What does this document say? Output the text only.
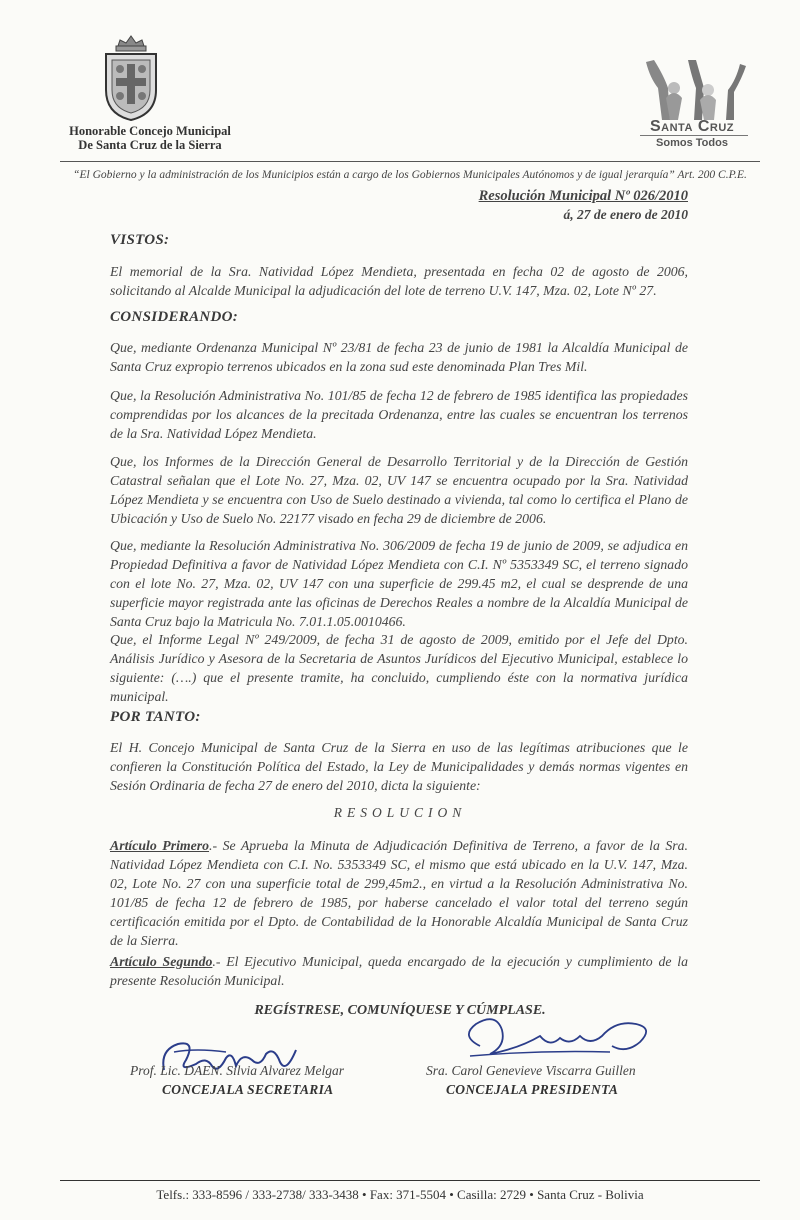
Honorable Concejo Municipal
De Santa Cruz de la Sierra
Santa Cruz
Somos Todos
“El Gobierno y la administración de los Municipios están a cargo de los Gobiernos Municipales Autónomos y de igual jerarquía” Art. 200 C.P.E.
Resolución Municipal Nº 026/2010
á, 27 de enero de 2010
VISTOS:
El memorial de la Sra. Natividad López Mendieta, presentada en fecha 02 de agosto de 2006, solicitando al Alcalde Municipal la adjudicación del lote de terreno U.V. 147, Mza. 02, Lote Nº 27.
CONSIDERANDO:
Que, mediante Ordenanza Municipal Nº 23/81 de fecha 23 de junio de 1981 la Alcaldía Municipal de Santa Cruz expropio terrenos ubicados en la zona sud este denominada Plan Tres Mil.
Que, la Resolución Administrativa No. 101/85 de fecha 12 de febrero de 1985 identifica las propiedades comprendidas por los alcances de la precitada Ordenanza, entre las cuales se encuentran los terrenos de la Sra. Natividad López Mendieta.
Que, los Informes de la Dirección General de Desarrollo Territorial y de la Dirección de Gestión Catastral señalan que el Lote No. 27, Mza. 02, UV 147 se encuentra ocupado por la Sra. Natividad López Mendieta y se encuentra con Uso de Suelo destinado a vivienda, tal como lo certifica el Plano de Ubicación y Uso de Suelo No. 22177 visado en fecha 29 de diciembre de 2006.
Que, mediante la Resolución Administrativa No. 306/2009 de fecha 19 de junio de 2009, se adjudica en Propiedad Definitiva a favor de Natividad López Mendieta con C.I. Nº 5353349 SC, el terreno signado con el lote No. 27, Mza. 02, UV 147 con una superficie de 299.45 m2, el cual se desprende de una superficie mayor registrada ante las oficinas de Derechos Reales a nombre de la Alcaldía Municipal de Santa Cruz bajo la Matricula No. 7.01.1.05.0010466.
Que, el Informe Legal Nº 249/2009, de fecha 31 de agosto de 2009, emitido por el Jefe del Dpto. Análisis Jurídico y Asesora de la Secretaria de Asuntos Jurídicos del Ejecutivo Municipal, establece lo siguiente: (….) que el presente tramite, ha concluido, cumpliendo éste con la normativa jurídica municipal.
POR TANTO:
El H. Concejo Municipal de Santa Cruz de la Sierra en uso de las legítimas atribuciones que le confieren la Constitución Política del Estado, la Ley de Municipalidades y demás normas vigentes en Sesión Ordinaria de fecha 27 de enero del 2010, dicta la siguiente:
RESOLUCION
Artículo Primero.- Se Aprueba la Minuta de Adjudicación Definitiva de Terreno, a favor de la Sra. Natividad López Mendieta con C.I. No. 5353349 SC, el mismo que está ubicado en la U.V. 147, Mza. 02, Lote No. 27 con una superficie total de 299,45m2., en virtud a la Resolución Administrativa No. 101/85 de fecha 12 de febrero de 1985, por haberse cancelado el valor total del terreno según certificación emitida por el Dpto. de Contabilidad de la Honorable Alcaldía Municipal de Santa Cruz de la Sierra.
Artículo Segundo.- El Ejecutivo Municipal, queda encargado de la ejecución y cumplimiento de la presente Resolución Municipal.
REGÍSTRESE, COMUNÍQUESE Y CÚMPLASE.
Prof. Lic. DAEN. Silvia Alvarez Melgar
CONCEJALA SECRETARIA
Sra. Carol Genevieve Viscarra Guillen
CONCEJALA PRESIDENTA
Telfs.: 333-8596 / 333-2738/ 333-3438 • Fax: 371-5504 • Casilla: 2729 • Santa Cruz - Bolivia
